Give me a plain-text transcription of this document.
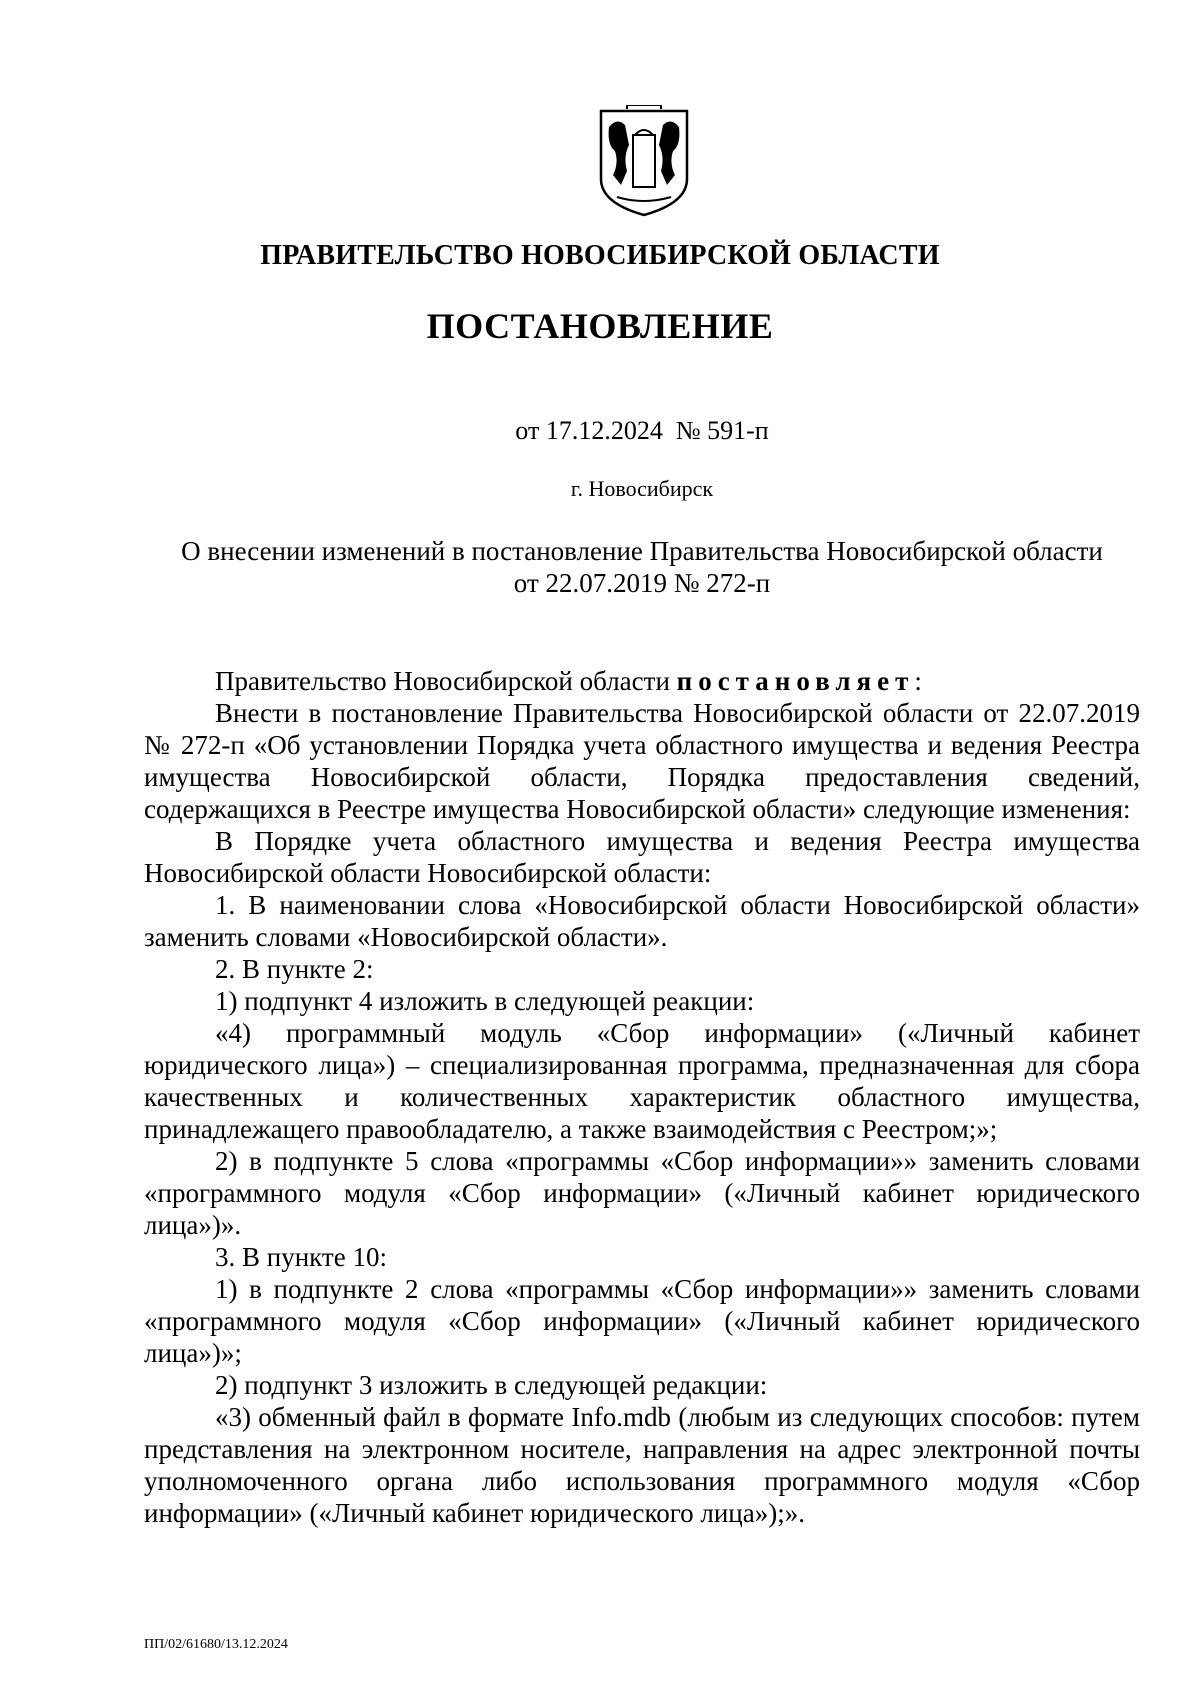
ПРАВИТЕЛЬСТВО НОВОСИБИРСКОЙ ОБЛАСТИ
ПОСТАНОВЛЕНИЕ
от 17.12.2024  № 591-п
г. Новосибирск
О внесении изменений в постановление Правительства Новосибирской области
от 22.07.2019 № 272-п

Правительство Новосибирской области постановляет:

Внести в постановление Правительства Новосибирской области от 22.07.2019 № 272-п «Об установлении Порядка учета областного имущества и ведения Реестра имущества Новосибирской области, Порядка предоставления сведений, содержащихся в Реестре имущества Новосибирской области» следующие изменения:

В Порядке учета областного имущества и ведения Реестра имущества Новосибирской области Новосибирской области:

1. В наименовании слова «Новосибирской области Новосибирской области» заменить словами «Новосибирской области».

2. В пункте 2:

1) подпункт 4 изложить в следующей реакции:

«4) программный модуль «Сбор информации» («Личный кабинет юридического лица») – специализированная программа, предназначенная для сбора качественных и количественных характеристик областного имущества, принадлежащего правообладателю, а также взаимодействия с Реестром;»;

2) в подпункте 5 слова «программы «Сбор информации»» заменить словами «программного модуля «Сбор информации» («Личный кабинет юридического лица»)».

3. В пункте 10:

1) в подпункте 2 слова «программы «Сбор информации»» заменить словами «программного модуля «Сбор информации» («Личный кабинет юридического лица»)»;

2) подпункт 3 изложить в следующей редакции:

«3) обменный файл в формате Info.mdb (любым из следующих способов: путем представления на электронном носителе, направления на адрес электронной почты уполномоченного органа либо использования программного модуля «Сбор информации» («Личный кабинет юридического лица»);».

ПП/02/61680/13.12.2024
